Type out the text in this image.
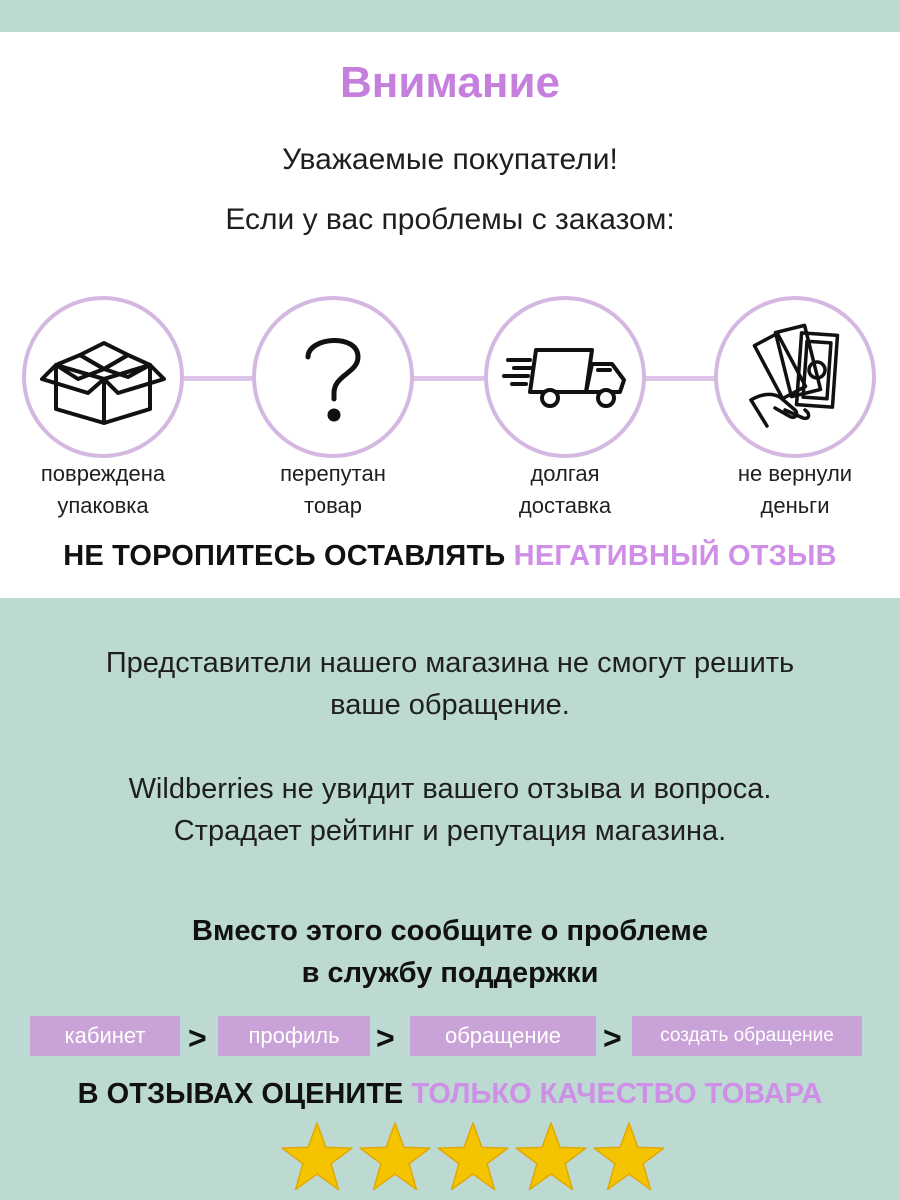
Внимание
Уважаемые покупатели!
Если у вас проблемы с заказом:
повреждена
упаковка
перепутан
товар
долгая
доставка
не вернули
деньги
НЕ ТОРОПИТЕСЬ ОСТАВЛЯТЬ НЕГАТИВНЫЙ ОТЗЫВ
Представители нашего магазина не смогут решить
ваше обращение.
Wildberries не увидит вашего отзыва и вопроса.
Страдает рейтинг и репутация магазина.
Вместо этого сообщите о проблеме
в службу поддержки
кабинет	>	профиль	>	обращение	>	создать обращение
В ОТЗЫВАХ ОЦЕНИТЕ ТОЛЬКО КАЧЕСТВО ТОВАРА
